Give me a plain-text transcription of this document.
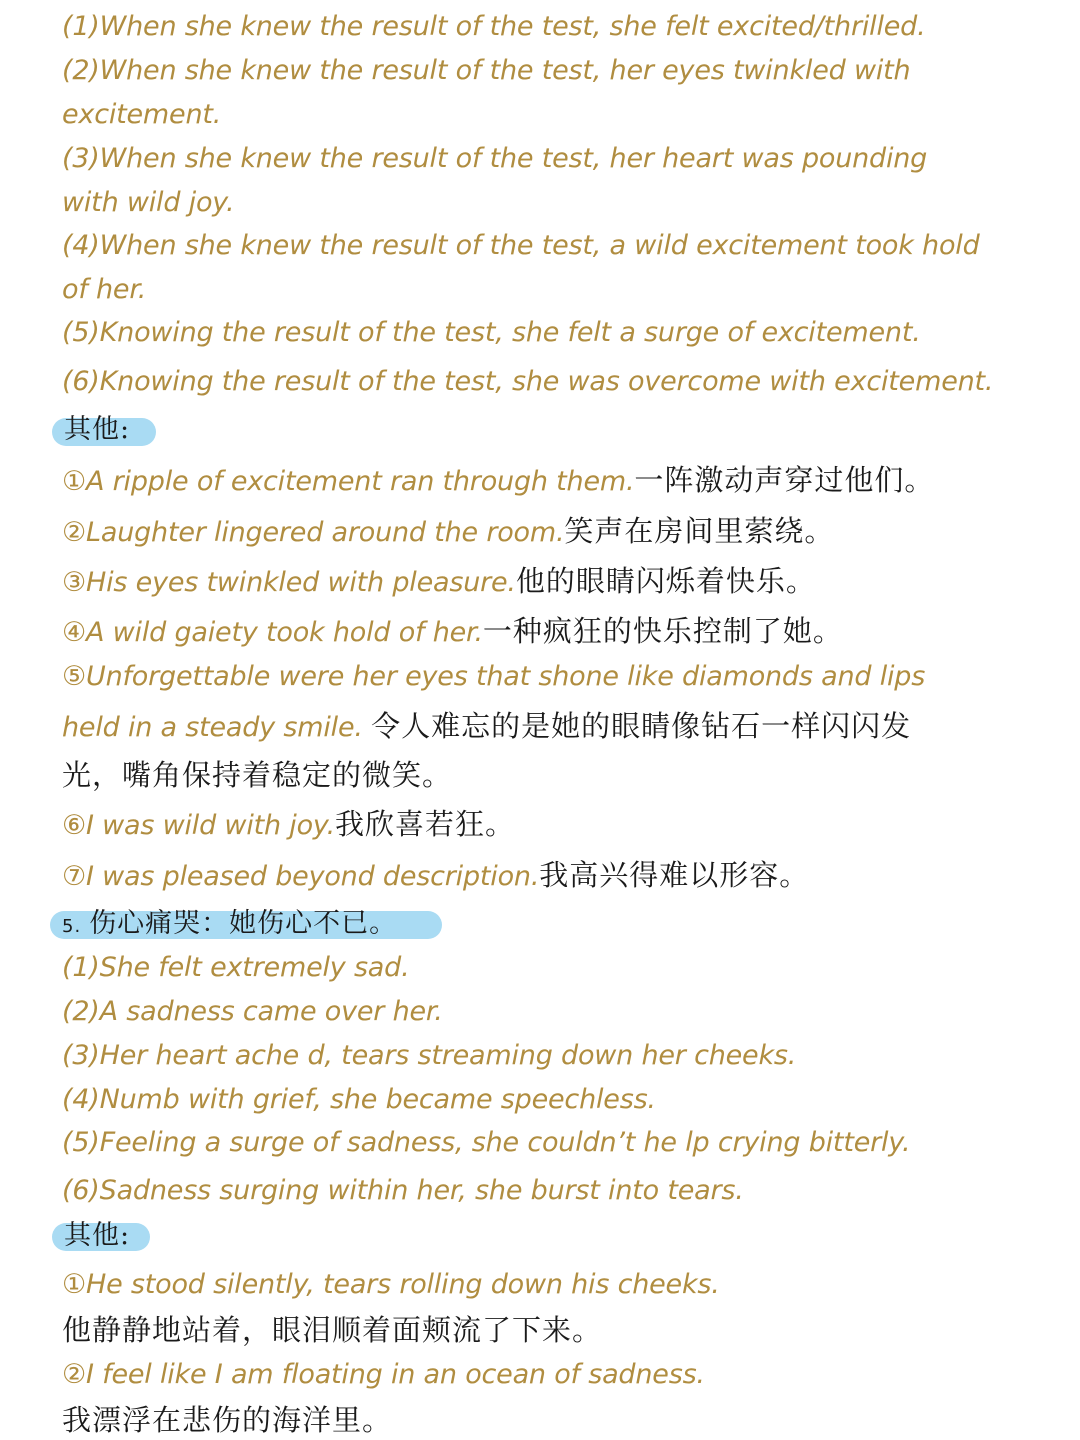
(1)When she knew the result of the test, she felt excited/thrilled.
(2)When she knew the result of the test, her eyes twinkled with
excitement.
(3)When she knew the result of the test, her heart was pounding
with wild joy.
(4)When she knew the result of the test, a wild excitement took hold
of her.
(5)Knowing the result of the test, she felt a surge of excitement.
(6)Knowing the result of the test, she was overcome with excitement.
其他:
①A ripple of excitement ran through them.一阵激动声穿过他们。
②Laughter lingered around the room.笑声在房间里萦绕。
③His eyes twinkled with pleasure.他的眼睛闪烁着快乐。
④A wild gaiety took hold of her.一种疯狂的快乐控制了她。
⑤Unforgettable were her eyes that shone like diamonds and lips
held in a steady smile. 令人难忘的是她的眼睛像钻石一样闪闪发
光，嘴角保持着稳定的微笑。
⑥I was wild with joy.我欣喜若狂。
⑦I was pleased beyond description.我高兴得难以形容。
5. 伤心痛哭：她伤心不已。
(1)She felt extremely sad.
(2)A sadness came over her.
(3)Her heart ache d, tears streaming down her cheeks.
(4)Numb with grief, she became speechless.
(5)Feeling a surge of sadness, she couldn’t he lp crying bitterly.
(6)Sadness surging within her, she burst into tears.
其他:
①He stood silently, tears rolling down his cheeks.
他静静地站着，眼泪顺着面颊流了下来。
②I feel like I am floating in an ocean of sadness.
我漂浮在悲伤的海洋里。
